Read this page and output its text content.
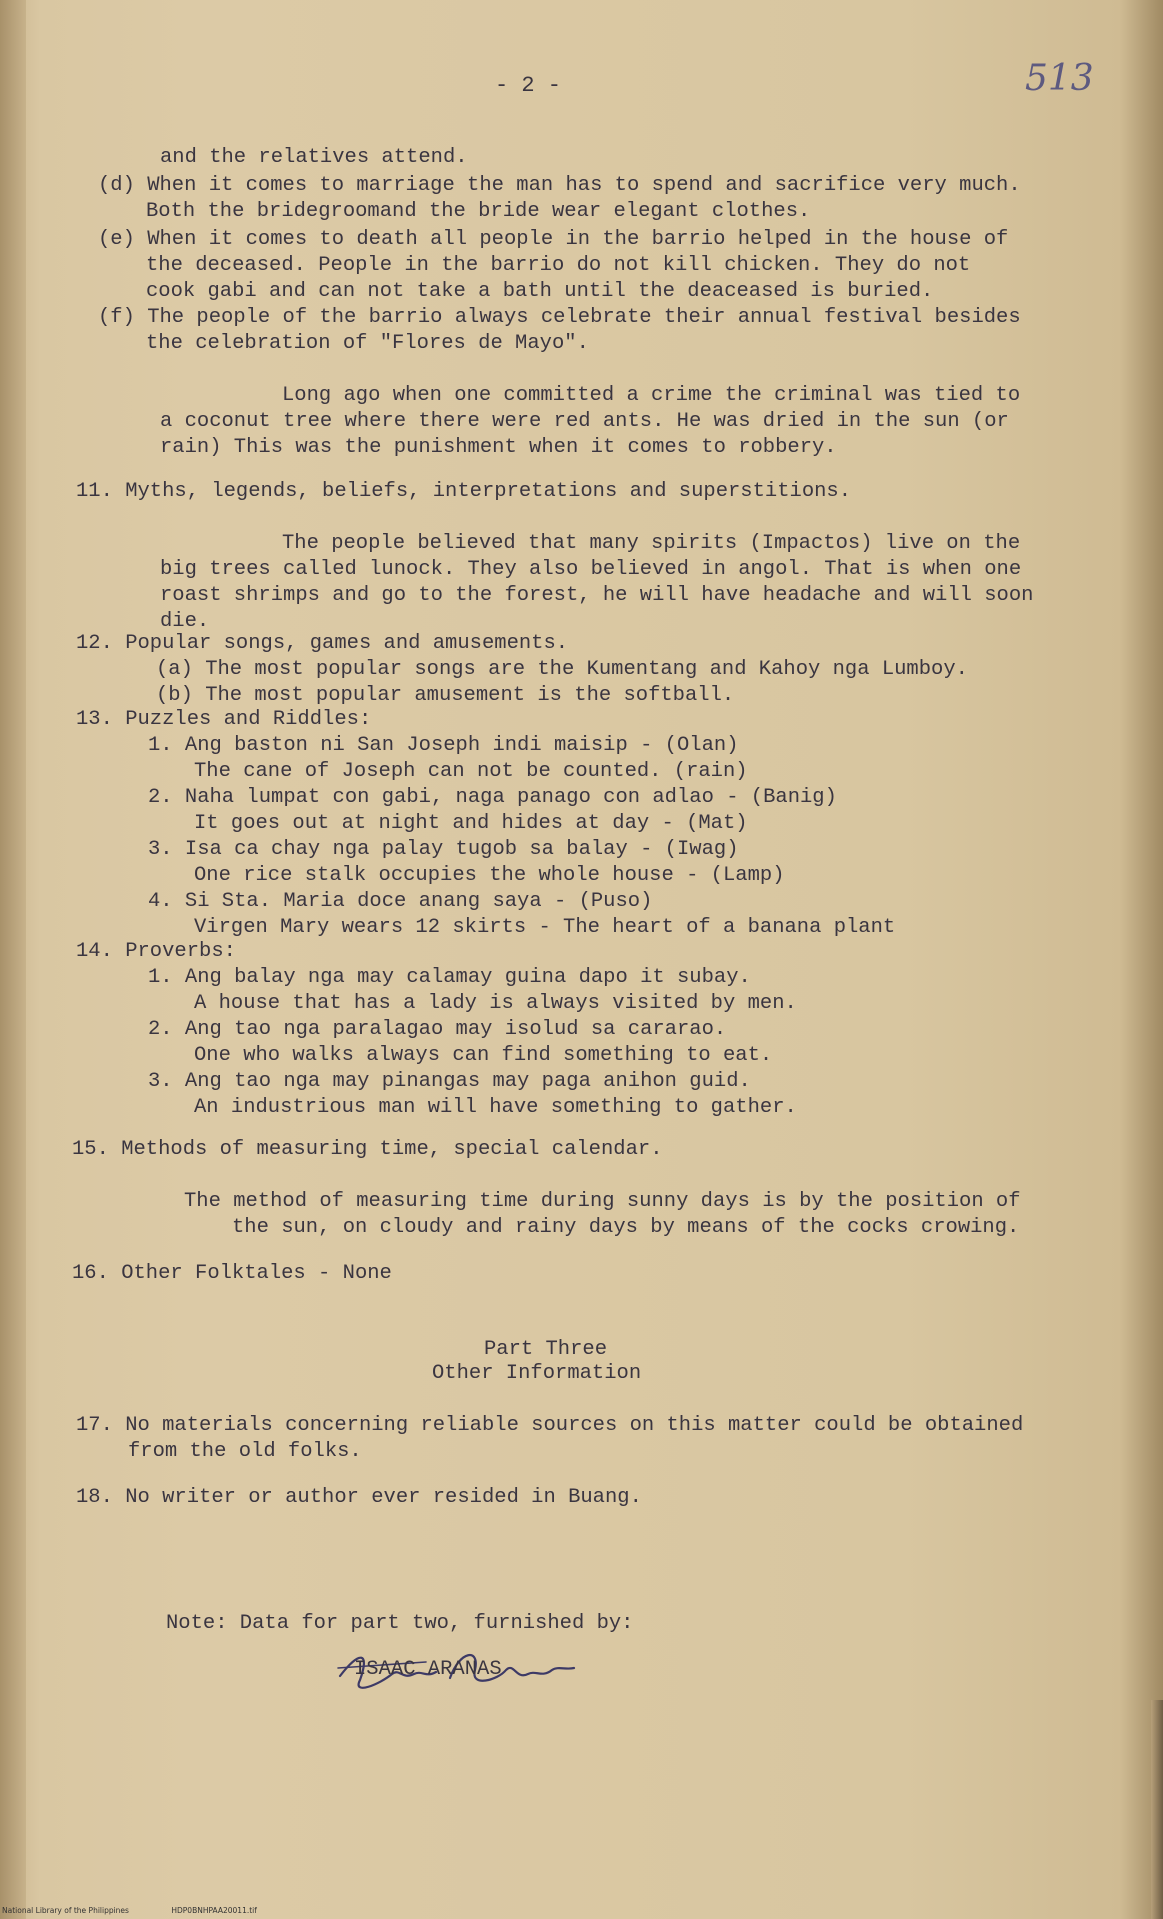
- 2 -	513
and the relatives attend.
(d) When it comes to marriage the man has to spend and sacrifice very much.
Both the bridegroomand the bride wear elegant clothes.
(e) When it comes to death all people in the barrio helped in the house of
the deceased. People in the barrio do not kill chicken. They do not
cook gabi and can not take a bath until the deaceased is buried.
(f) The people of the barrio always celebrate their annual festival besides
the celebration of "Flores de Mayo".
Long ago when one committed a crime the criminal was tied to
a coconut tree where there were red ants. He was dried in the sun (or
rain) This was the punishment when it comes to robbery.
11. Myths, legends, beliefs, interpretations and superstitions.
The people believed that many spirits (Impactos) live on the
big trees called lunock. They also believed in angol. That is when one
roast shrimps and go to the forest, he will have headache and will soon
die.
12. Popular songs, games and amusements.
(a) The most popular songs are the Kumentang and Kahoy nga Lumboy.
(b) The most popular amusement is the softball.
13. Puzzles and Riddles:
1. Ang baston ni San Joseph indi maisip - (Olan)
The cane of Joseph can not be counted. (rain)
2. Naha lumpat con gabi, naga panago con adlao - (Banig)
It goes out at night and hides at day - (Mat)
3. Isa ca chay nga palay tugob sa balay - (Iwag)
One rice stalk occupies the whole house - (Lamp)
4. Si Sta. Maria doce anang saya - (Puso)
Virgen Mary wears 12 skirts - The heart of a banana plant
14. Proverbs:
1. Ang balay nga may calamay guina dapo it subay.
A house that has a lady is always visited by men.
2. Ang tao nga paralagao may isolud sa cararao.
One who walks always can find something to eat.
3. Ang tao nga may pinangas may paga anihon guid.
An industrious man will have something to gather.
15. Methods of measuring time, special calendar.
The method of measuring time during sunny days is by the position of
the sun, on cloudy and rainy days by means of the cocks crowing.
16. Other Folktales - None
Part Three
Other Information
17. No materials concerning reliable sources on this matter could be obtained
from the old folks.
18. No writer or author ever resided in Buang.
Note: Data for part two, furnished by:
ISAAC ARANAS
National Library of the Philippines	HDP0BNHPAA20011.tif
